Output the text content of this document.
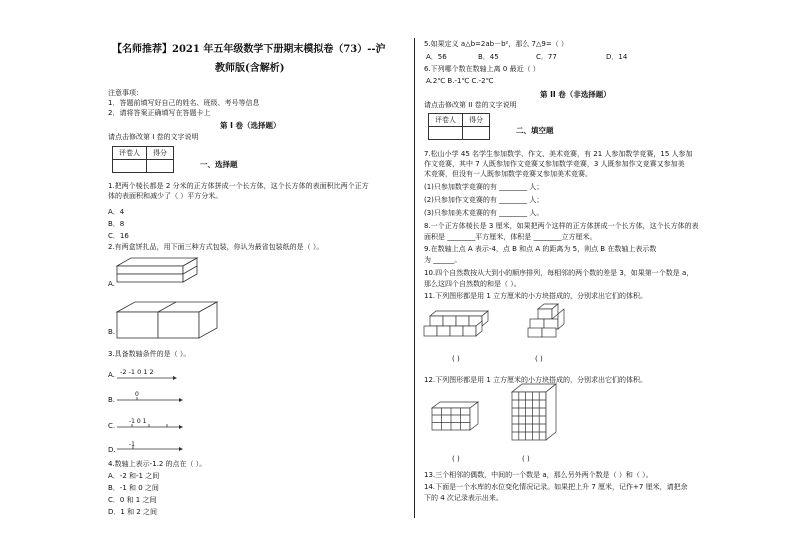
【名师推荐】2021 年五年级数学下册期末模拟卷（73）--沪
教师版(含解析)
注意事项：
1．答题前填写好自己的姓名、班级、考号等信息
2．请将答案正确填写在答题卡上
第 I 卷（选择题）
请点击修改第 I 卷的文字说明
评卷人	得分

一、选择题
1.把两个棱长都是 2 分米的正方体拼成一个长方体，这个长方体的表面积比两个正方
体的表面积和减少了（ ）平方分米。
A．4
B．8
C．16
2.有两盒饼扎品，用下面三种方式包装，你认为最省包装纸的是（ ）。
A.
B.
3.具备数轴条件的是（ ）。
A. -2 -1 0 1 2
B.
0
C.
-1 0 1
D.
-1
4.数轴上表示-1.2 的点在（ ）。
A．-2 和-1 之间
B．-1 和 0 之间
C．0 和 1 之间
D．1 和 2 之间
5.如果定义 a△b=2ab－b²，那么 7△9=（ ）
A．56	B．45	C．77	D．14
6.下列哪个数在数轴上离 0 最近（ ）
A.2℃ B.-1℃ C.-2℃
第 II 卷（非选择题）
请点击修改第 II 卷的文字说明
评卷人	得分

二、填空题
7.松山小学 45 名学生参加数学、作文、美术竞赛，有 21 人参加数学竞赛，15 人参加
作文竞赛，其中 7 人既参加作文竞赛又参加数学竞赛，3 人既参加作文竞赛又参加美
术竞赛，但没有一人既参加数学竞赛又参加美术竞赛。
(1)只参加数学竞赛的有 ________ 人；
(2)只参加作文竞赛的有 ________ 人；
(3)只参加美术竞赛的有 ________ 人。
8.一个正方体棱长是 3 厘米，如果把两个这样的正方体拼成一个长方体，这个长方体的表
面积是 ________平方厘米，体积是 ________立方厘米。
9.在数轴上点 A 表示-4，点 B 和点 A 的距离为 5，则点 B 在数轴上表示数
为 ______。
10.四个自然数按从大到小的顺序排列，每相邻的两个数的差是 3，如果第一个数是 a，
那么这四个自然数的和是（ ）。
11.下列图形都是用 1 立方厘米的小方块搭成的，分别求出它们的体积。
( )	( )
12.下列图形都是用 1 立方厘米的小方块搭成的，分别求出它们的体积。
( )	( )
13.三个相邻的偶数，中间的一个数是 a，那么另外两个数是（ ）和（ ）。
14.下面是一个水库的水位变化情况记录。如果把上升 7 厘米，记作+7 厘米，请把余
下的 4 次记录表示出来。
